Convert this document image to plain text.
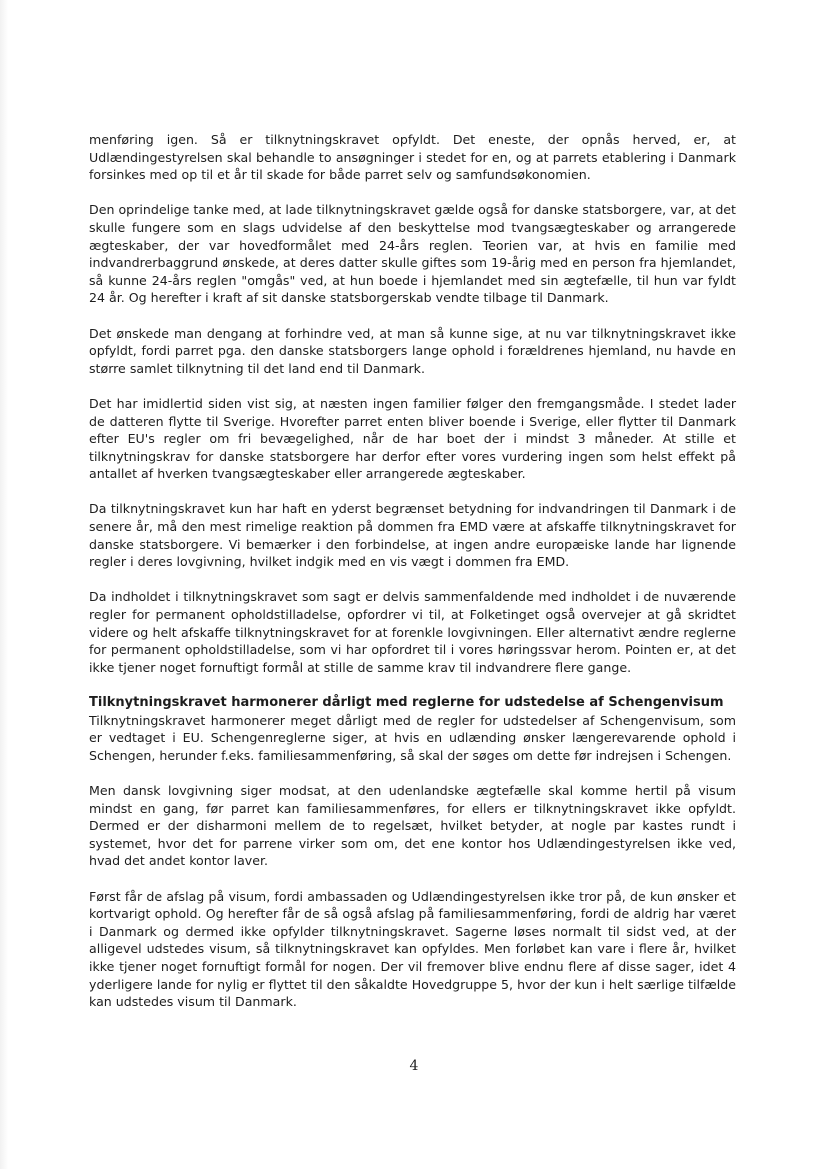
menføring igen. Så er tilknytningskravet opfyldt. Det eneste, der opnås herved, er, at Udlændingestyrelsen skal behandle to ansøgninger i stedet for en, og at parrets etablering i Danmark forsinkes med op til et år til skade for både parret selv og samfundsøkonomien.

Den oprindelige tanke med, at lade tilknytningskravet gælde også for danske statsborgere, var, at det skulle fungere som en slags udvidelse af den beskyttelse mod tvangsægteskaber og arrangerede ægteskaber, der var hovedformålet med 24-års reglen. Teorien var, at hvis en familie med indvandrerbaggrund ønskede, at deres datter skulle giftes som 19-årig med en person fra hjemlandet, så kunne 24-års reglen "omgås" ved, at hun boede i hjemlandet med sin ægtefælle, til hun var fyldt 24 år. Og herefter i kraft af sit danske statsborgerskab vendte tilbage til Danmark.

Det ønskede man dengang at forhindre ved, at man så kunne sige, at nu var tilknytningskravet ikke opfyldt, fordi parret pga. den danske statsborgers lange ophold i forældrenes hjemland, nu havde en større samlet tilknytning til det land end til Danmark.

Det har imidlertid siden vist sig, at næsten ingen familier følger den fremgangsmåde. I stedet lader de datteren flytte til Sverige. Hvorefter parret enten bliver boende i Sverige, eller flytter til Danmark efter EU's regler om fri bevægelighed, når de har boet der i mindst 3 måneder. At stille et tilknytningskrav for danske statsborgere har derfor efter vores vurdering ingen som helst effekt på antallet af hverken tvangsægteskaber eller arrangerede ægteskaber.

Da tilknytningskravet kun har haft en yderst begrænset betydning for indvandringen til Danmark i de senere år, må den mest rimelige reaktion på dommen fra EMD være at afskaffe tilknytningskravet for danske statsborgere. Vi bemærker i den forbindelse, at ingen andre europæiske lande har lignende regler i deres lovgivning, hvilket indgik med en vis vægt i dommen fra EMD.

Da indholdet i tilknytningskravet som sagt er delvis sammenfaldende med indholdet i de nuværende regler for permanent opholdstilladelse, opfordrer vi til, at Folketinget også overvejer at gå skridtet videre og helt afskaffe tilknytningskravet for at forenkle lovgivningen. Eller alternativt ændre reglerne for permanent opholdstilladelse, som vi har opfordret til i vores høringssvar herom. Pointen er, at det ikke tjener noget fornuftigt formål at stille de samme krav til indvandrere flere gange.

Tilknytningskravet harmonerer dårligt med reglerne for udstedelse af Schengenvisum

Tilknytningskravet harmonerer meget dårligt med de regler for udstedelser af Schengenvisum, som er vedtaget i EU. Schengenreglerne siger, at hvis en udlænding ønsker længerevarende ophold i Schengen, herunder f.eks. familiesammenføring, så skal der søges om dette før indrejsen i Schengen.

Men dansk lovgivning siger modsat, at den udenlandske ægtefælle skal komme hertil på visum mindst en gang, før parret kan familiesammenføres, for ellers er tilknytningskravet ikke opfyldt. Dermed er der disharmoni mellem de to regelsæt, hvilket betyder, at nogle par kastes rundt i systemet, hvor det for parrene virker som om, det ene kontor hos Udlændingestyrelsen ikke ved, hvad det andet kontor laver.

Først får de afslag på visum, fordi ambassaden og Udlændingestyrelsen ikke tror på, de kun ønsker et kortvarigt ophold. Og herefter får de så også afslag på familiesammenføring, fordi de aldrig har været i Danmark og dermed ikke opfylder tilknytningskravet. Sagerne løses normalt til sidst ved, at der alligevel udstedes visum, så tilknytningskravet kan opfyldes. Men forløbet kan vare i flere år, hvilket ikke tjener noget fornuftigt formål for nogen. Der vil fremover blive endnu flere af disse sager, idet 4 yderligere lande for nylig er flyttet til den såkaldte Hovedgruppe 5, hvor der kun i helt særlige tilfælde kan udstedes visum til Danmark.

4
